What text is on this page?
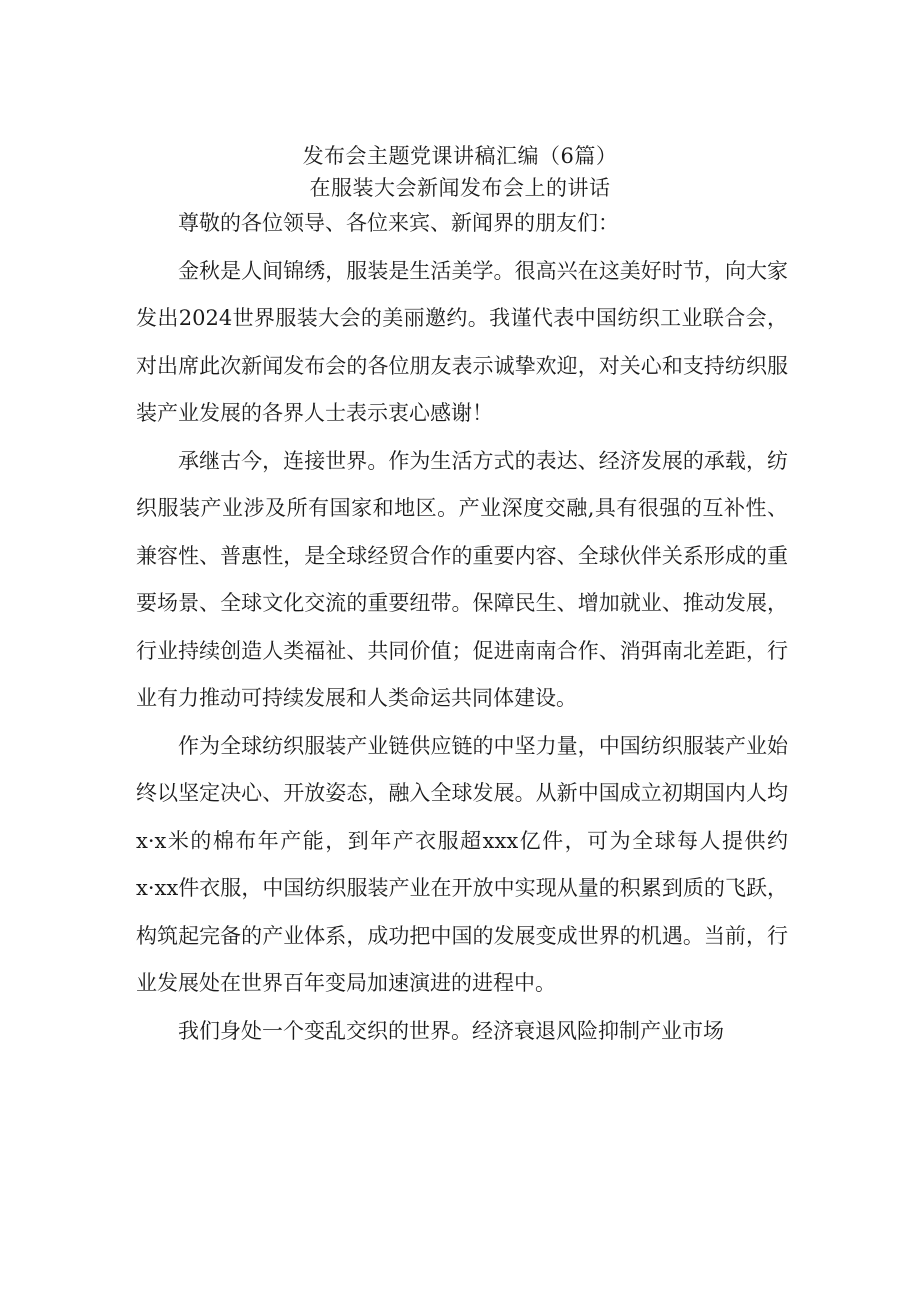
发布会主题党课讲稿汇编（6篇）
在服装大会新闻发布会上的讲话

尊敬的各位领导、各位来宾、新闻界的朋友们：

金秋是人间锦绣，服装是生活美学。很高兴在这美好时节，向大家发出2024世界服装大会的美丽邀约。我谨代表中国纺织工业联合会，对出席此次新闻发布会的各位朋友表示诚挚欢迎，对关心和支持纺织服装产业发展的各界人士表示衷心感谢！

承继古今，连接世界。作为生活方式的表达、经济发展的承载，纺织服装产业涉及所有国家和地区。产业深度交融,具有很强的互补性、兼容性、普惠性，是全球经贸合作的重要内容、全球伙伴关系形成的重要场景、全球文化交流的重要纽带。保障民生、增加就业、推动发展，行业持续创造人类福祉、共同价值；促进南南合作、消弭南北差距，行业有力推动可持续发展和人类命运共同体建设。

作为全球纺织服装产业链供应链的中坚力量，中国纺织服装产业始终以坚定决心、开放姿态，融入全球发展。从新中国成立初期国内人均x·x米的棉布年产能，到年产衣服超xxx亿件，可为全球每人提供约x·xx件衣服，中国纺织服装产业在开放中实现从量的积累到质的飞跃，构筑起完备的产业体系，成功把中国的发展变成世界的机遇。当前，行业发展处在世界百年变局加速演进的进程中。

我们身处一个变乱交织的世界。经济衰退风险抑制产业市场
